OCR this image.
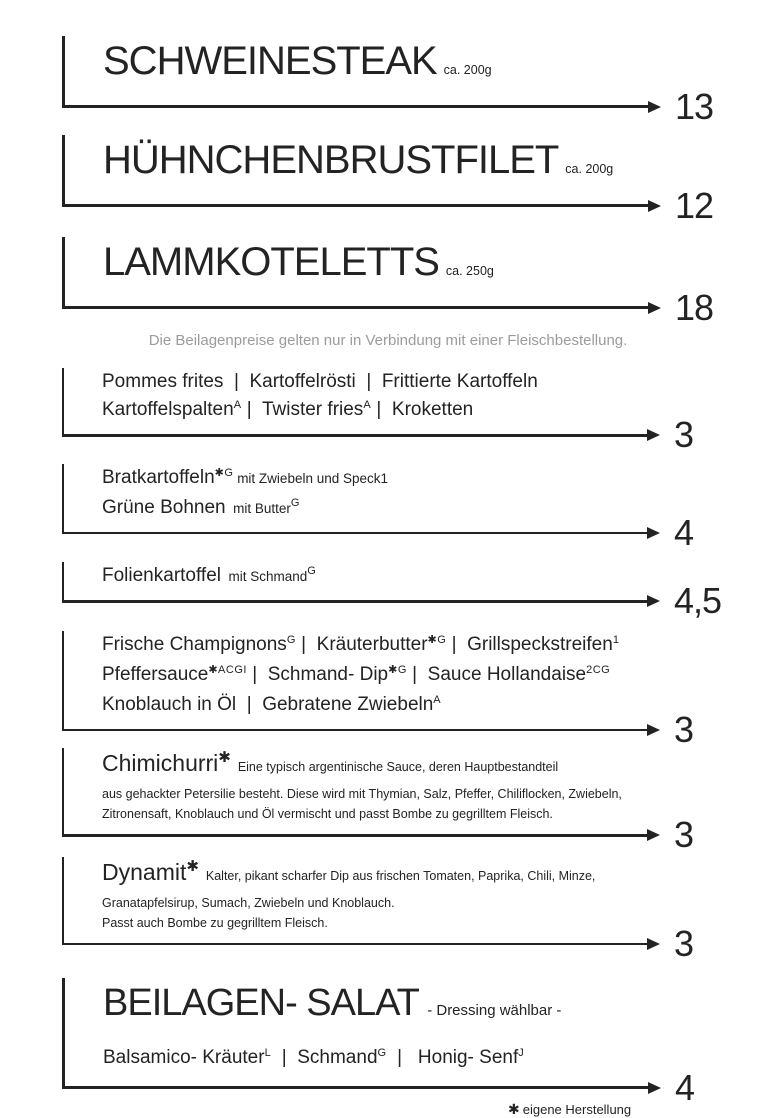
SCHWEINESTEAK  ca. 200g
13
HÜHNCHENBRUSTFILET  ca. 200g
12
LAMMKOTELETTS  ca. 250g
18
Die Beilagenpreise gelten nur in Verbindung mit einer Fleischbestellung.
Pommes frites  |  Kartoffelrösti  |  Frittierte Kartoffeln
Kartoffelspalten$^A$ |  Twister fries$^A$ |  Kroketten
3
Bratkartoffeln$^{✱G}$ mit Zwiebeln und Speck1
Grüne Bohnen  mit Butter$^G$
4
Folienkartoffel  mit Schmand$^G$
4,5
Frische Champignons$^G$ |  Kräuterbutter$^{✱G}$ |  Grillspeckstreifen$^1$
Pfeffersauce$^{✱ACGI}$ |  Schmand- Dip$^{✱G}$ |  Sauce Hollandaise$^{2CG}$
Knoblauch in Öl  |  Gebratene Zwiebeln$^A$
3
Chimichurri✱  Eine typisch argentinische Sauce, deren Hauptbestandteil
aus gehackter Petersilie besteht. Diese wird mit Thymian, Salz, Pfeffer, Chiliflocken, Zwiebeln,
Zitronensaft, Knoblauch und Öl vermischt und passt Bombe zu gegrilltem Fleisch.
3
Dynamit✱  Kalter, pikant scharfer Dip aus frischen Tomaten, Paprika, Chili, Minze,
Granatapfelsirup, Sumach, Zwiebeln und Knoblauch.
Passt auch Bombe zu gegrilltem Fleisch.
3
BEILAGEN- SALAT  - Dressing wählbar -
Balsamico- Kräuter$^L$  |  Schmand$^G$  |   Honig- Senf$^J$
4
✱ eigene Herstellung
